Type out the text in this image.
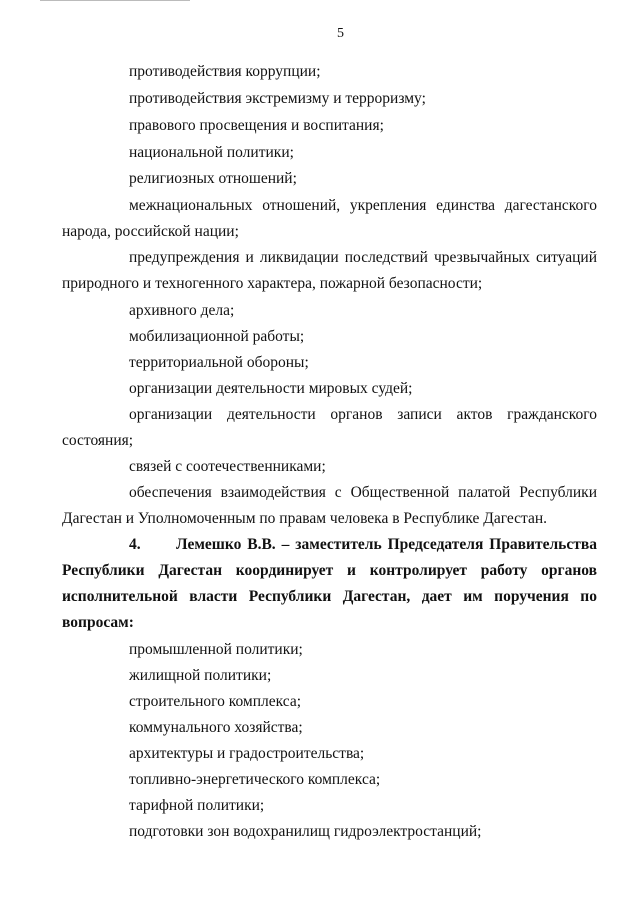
5
противодействия коррупции;
противодействия экстремизму и терроризму;
правового просвещения и воспитания;
национальной политики;
религиозных отношений;
межнациональных отношений, укрепления единства дагестанского
народа, российской нации;
предупреждения и ликвидации последствий чрезвычайных ситуаций
природного и техногенного характера, пожарной безопасности;
архивного дела;
мобилизационной работы;
территориальной обороны;
организации деятельности мировых судей;
организации деятельности органов записи актов гражданского
состояния;
связей с соотечественниками;
обеспечения взаимодействия с Общественной палатой Республики
Дагестан и Уполномоченным по правам человека в Республике Дагестан.
4. Лемешко В.В. – заместитель Председателя Правительства
Республики Дагестан координирует и контролирует работу органов
исполнительной власти Республики Дагестан, дает им поручения по
вопросам:
промышленной политики;
жилищной политики;
строительного комплекса;
коммунального хозяйства;
архитектуры и градостроительства;
топливно-энергетического комплекса;
тарифной политики;
подготовки зон водохранилищ гидроэлектростанций;
